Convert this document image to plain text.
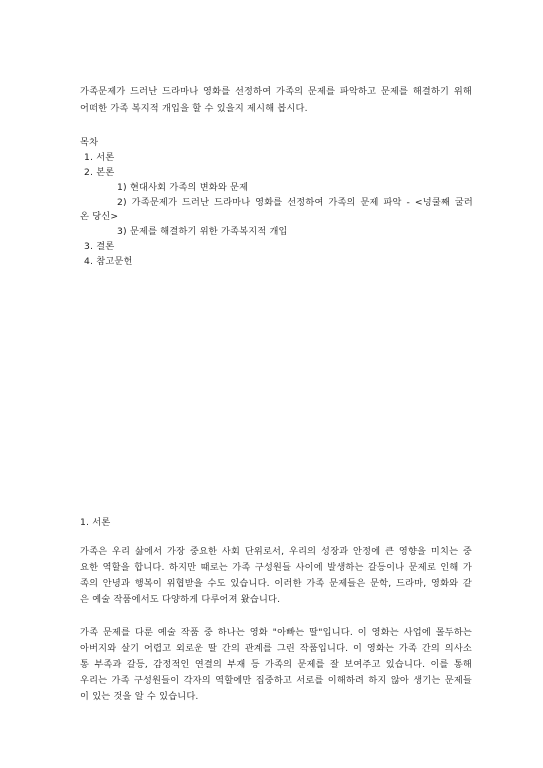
가족문제가 드러난 드라마나 영화를 선정하여 가족의 문제를 파악하고 문제를 해결하기 위해
어떠한 가족 복지적 개입을 할 수 있을지 제시해 봅시다.
목차
1. 서론
2. 본론
1) 현대사회 가족의 변화와 문제
2) 가족문제가 드러난 드라마나 영화를 선정하여 가족의 문제 파악 - <넝쿨째 굴러
온 당신>
3) 문제를 해결하기 위한 가족복지적 개입
3. 결론
4. 참고문헌
1. 서론
가족은 우리 삶에서 가장 중요한 사회 단위로서, 우리의 성장과 안정에 큰 영향을 미치는 중
요한 역할을 합니다. 하지만 때로는 가족 구성원들 사이에 발생하는 갈등이나 문제로 인해 가
족의 안녕과 행복이 위협받을 수도 있습니다. 이러한 가족 문제들은 문학, 드라마, 영화와 같
은 예술 작품에서도 다양하게 다루어져 왔습니다.
가족 문제를 다룬 예술 작품 중 하나는 영화 "아빠는 딸"입니다. 이 영화는 사업에 몰두하는
아버지와 살기 어렵고 외로운 딸 간의 관계를 그린 작품입니다. 이 영화는 가족 간의 의사소
통 부족과 갈등, 감정적인 연결의 부재 등 가족의 문제를 잘 보여주고 있습니다. 이를 통해
우리는 가족 구성원들이 각자의 역할에만 집중하고 서로를 이해하려 하지 않아 생기는 문제들
이 있는 것을 알 수 있습니다.
